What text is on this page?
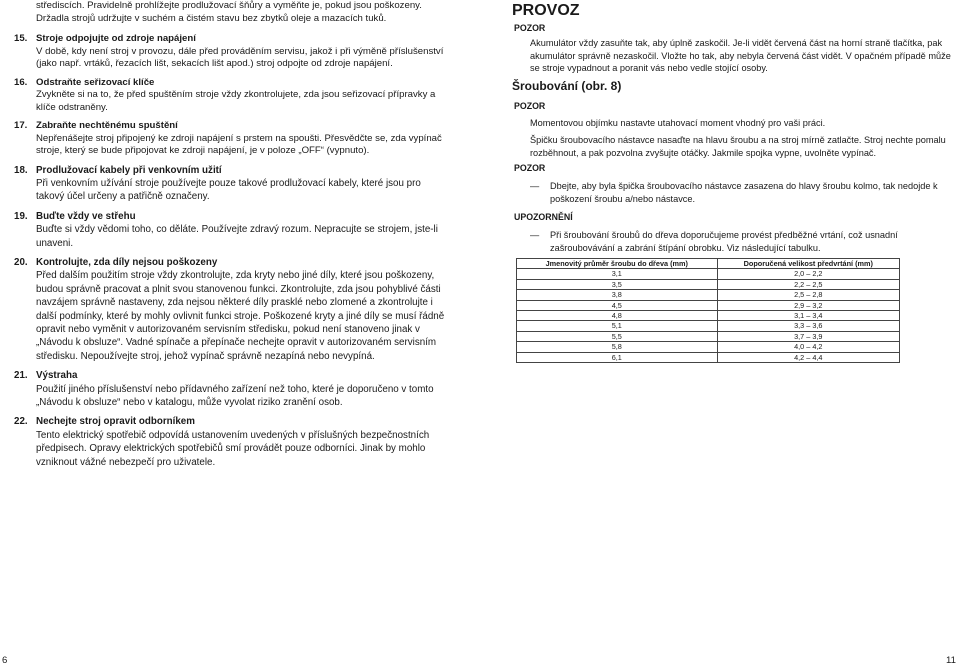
střediscích. Pravidelně prohlížejte prodlužovací šňůry a vyměňte je, pokud jsou poškozeny.
Držadla strojů udržujte v suchém a čistém stavu bez zbytků oleje a mazacích tuků.
15. Stroje odpojujte od zdroje napájení
V době, kdy není stroj v provozu, dále před prováděním servisu, jakož i při výměně příslušenství (jako např. vrtáků, řezacích lišt, sekacích lišt apod.) stroj odpojte od zdroje napájení.
16. Odstraňte seřizovací klíče
Zvykněte si na to, že před spuštěním stroje vždy zkontrolujete, zda jsou seřizovací přípravky a klíče odstraněny.
17. Zabraňte nechtěnému spuštění
Nepřenášejte stroj připojený ke zdroji napájení s prstem na spoušti. Přesvědčte se, zda vypínač stroje, který se bude připojovat ke zdroji napájení, je v poloze „OFF“ (vypnuto).
18. Prodlužovací kabely při venkovním užití
Při venkovním užívání stroje používejte pouze takové prodlužovací kabely, které jsou pro takový účel určeny a patřičně označeny.
19. Buďte vždy ve střehu
Buďte si vždy vědomi toho, co děláte. Používejte zdravý rozum. Nepracujte se strojem, jste-li unaveni.
20. Kontrolujte, zda díly nejsou poškozeny
Před dalším použitím stroje vždy zkontrolujte, zda kryty nebo jiné díly, které jsou poškozeny, budou správně pracovat a plnit svou stanovenou funkci. Zkontrolujte, zda jsou pohyblivé části navzájem správně nastaveny, zda nejsou některé díly prasklé nebo zlomené a zkontrolujte i další podmínky, které by mohly ovlivnit funkci stroje. Poškozené kryty a jiné díly se musí řádně opravit nebo vyměnit v autorizovaném servisním středisku, pokud není stanoveno jinak v „Návodu k obsluze“. Vadné spínače a přepínače nechejte opravit v autorizovaném servisním středisku. Nepoužívejte stroj, jehož vypínač správně nezapíná nebo nevypíná.
21. Výstraha
Použití jiného příslušenství nebo přídavného zařízení než toho, které je doporučeno v tomto „Návodu k obsluze“ nebo v katalogu, může vyvolat riziko zranění osob.
22. Nechejte stroj opravit odborníkem
Tento elektrický spotřebič odpovídá ustanovením uvedených v příslušných bezpečnostních předpisech. Opravy elektrických spotřebičů smí provádět pouze odborníci. Jinak by mohlo vzniknout vážné nebezpečí pro uživatele.
PROVOZ
POZOR
Akumulátor vždy zasuňte tak, aby úplně zaskočil. Je-li vidět červená část na horní straně tlačítka, pak akumulátor správně nezaskočil. Vložte ho tak, aby nebyla červená část vidět. V opačném případě může se stroje vypadnout a poranit vás nebo vedle stojící osoby.
Šroubování (obr. 8)
POZOR
Momentovou objímku nastavte utahovací moment vhodný pro vaši práci.
Špičku šroubovacího nástavce nasaďte na hlavu šroubu a na stroj mírně zatlačte. Stroj nechte pomalu rozběhnout, a pak pozvolna zvyšujte otáčky. Jakmile spojka vypne, uvolněte vypínač.
POZOR
— Dbejte, aby byla špička šroubovacího nástavce zasazena do hlavy šroubu kolmo, tak nedojde k poškození šroubu a/nebo nástavce.
UPOZORNĚNÍ
— Při šroubování šroubů do dřeva doporučujeme provést předběžné vrtání, což usnadní zašroubovávání a zabrání štípání obrobku. Viz následující tabulku.
Jmenovitý průměr šroubu do dřeva (mm)	Doporučená velikost předvrtání (mm)
3,1	2,0 – 2,2
3,5	2,2 – 2,5
3,8	2,5 – 2,8
4,5	2,9 – 3,2
4,8	3,1 – 3,4
5,1	3,3 – 3,6
5,5	3,7 – 3,9
5,8	4,0 – 4,2
6,1	4,2 – 4,4
6	11
